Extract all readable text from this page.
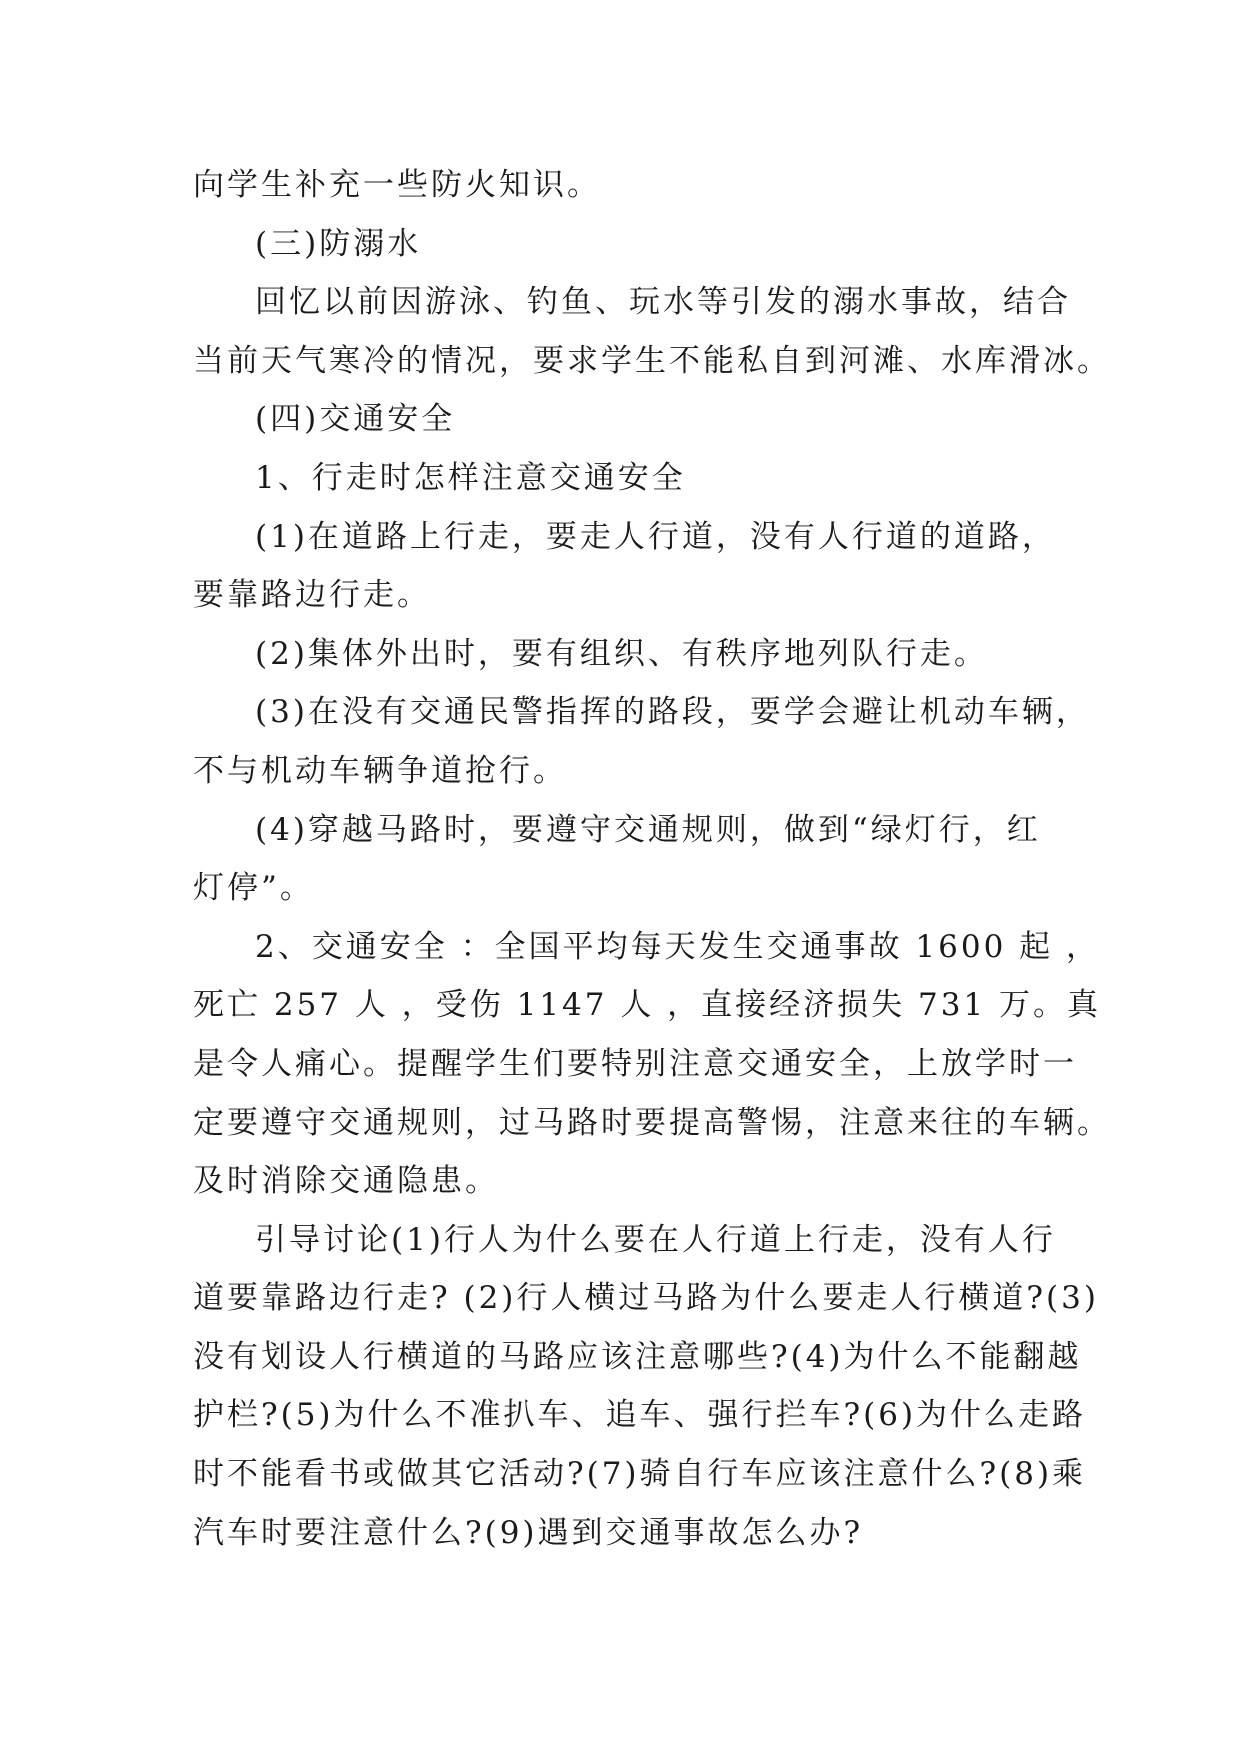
向学生补充一些防火知识。
(三)防溺水
回忆以前因游泳、钓鱼、玩水等引发的溺水事故，结合
当前天气寒冷的情况，要求学生不能私自到河滩、水库滑冰。
(四)交通安全
1、行走时怎样注意交通安全
(1)在道路上行走，要走人行道，没有人行道的道路，
要靠路边行走。
(2)集体外出时，要有组织、有秩序地列队行走。
(3)在没有交通民警指挥的路段，要学会避让机动车辆，
不与机动车辆争道抢行。
(4)穿越马路时，要遵守交通规则，做到“绿灯行，红
灯停”。
2、交通安全 ：全国平均每天发生交通事故 1600 起 ，
死亡 257 人 ，受伤 1147 人 ，直接经济损失 731 万。真
是令人痛心。提醒学生们要特别注意交通安全，上放学时一
定要遵守交通规则，过马路时要提高警惕，注意来往的车辆。
及时消除交通隐患。
引导讨论(1)行人为什么要在人行道上行走，没有人行
道要靠路边行走? (2)行人横过马路为什么要走人行横道?(3)
没有划设人行横道的马路应该注意哪些?(4)为什么不能翻越
护栏?(5)为什么不准扒车、追车、强行拦车?(6)为什么走路
时不能看书或做其它活动?(7)骑自行车应该注意什么?(8)乘
汽车时要注意什么?(9)遇到交通事故怎么办?
